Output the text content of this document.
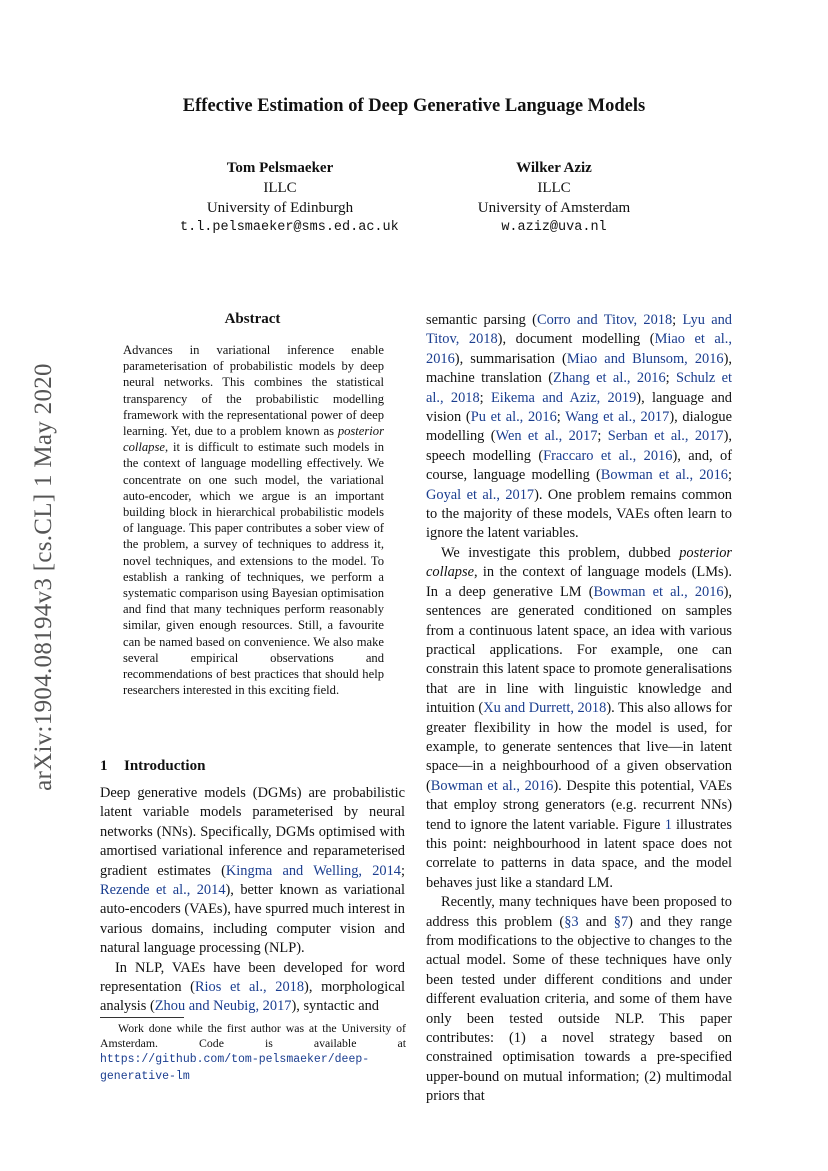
arXiv:1904.08194v3 [cs.CL] 1 May 2020
Effective Estimation of Deep Generative Language Models
Tom Pelsmaeker
ILLC
University of Edinburgh
t.l.pelsmaeker@sms.ed.ac.uk
Wilker Aziz
ILLC
University of Amsterdam
w.aziz@uva.nl
Abstract
Advances in variational inference enable parameterisation of probabilistic models by deep neural networks. This combines the statistical transparency of the probabilistic modelling framework with the representational power of deep learning. Yet, due to a problem known as posterior collapse, it is difficult to estimate such models in the context of language modelling effectively. We concentrate on one such model, the variational auto-encoder, which we argue is an important building block in hierarchical probabilistic models of language. This paper contributes a sober view of the problem, a survey of techniques to address it, novel techniques, and extensions to the model. To establish a ranking of techniques, we perform a systematic comparison using Bayesian optimisation and find that many techniques perform reasonably similar, given enough resources. Still, a favourite can be named based on convenience. We also make several empirical observations and recommendations of best practices that should help researchers interested in this exciting field.
1 Introduction

Deep generative models (DGMs) are probabilistic latent variable models parameterised by neural networks (NNs). Specifically, DGMs optimised with amortised variational inference and reparameterised gradient estimates (Kingma and Welling, 2014; Rezende et al., 2014), better known as variational auto-encoders (VAEs), have spurred much interest in various domains, including computer vision and natural language processing (NLP).

In NLP, VAEs have been developed for word representation (Rios et al., 2018), morphological analysis (Zhou and Neubig, 2017), syntactic and

Work done while the first author was at the University of Amsterdam. Code is available at https://github.com/tom-pelsmaeker/deep-generative-lm

semantic parsing (Corro and Titov, 2018; Lyu and Titov, 2018), document modelling (Miao et al., 2016), summarisation (Miao and Blunsom, 2016), machine translation (Zhang et al., 2016; Schulz et al., 2018; Eikema and Aziz, 2019), language and vision (Pu et al., 2016; Wang et al., 2017), dialogue modelling (Wen et al., 2017; Serban et al., 2017), speech modelling (Fraccaro et al., 2016), and, of course, language modelling (Bowman et al., 2016; Goyal et al., 2017). One problem remains common to the majority of these models, VAEs often learn to ignore the latent variables.

We investigate this problem, dubbed posterior collapse, in the context of language models (LMs). In a deep generative LM (Bowman et al., 2016), sentences are generated conditioned on samples from a continuous latent space, an idea with various practical applications. For example, one can constrain this latent space to promote generalisations that are in line with linguistic knowledge and intuition (Xu and Durrett, 2018). This also allows for greater flexibility in how the model is used, for example, to generate sentences that live—in latent space—in a neighbourhood of a given observation (Bowman et al., 2016). Despite this potential, VAEs that employ strong generators (e.g. recurrent NNs) tend to ignore the latent variable. Figure 1 illustrates this point: neighbourhood in latent space does not correlate to patterns in data space, and the model behaves just like a standard LM.

Recently, many techniques have been proposed to address this problem (§3 and §7) and they range from modifications to the objective to changes to the actual model. Some of these techniques have only been tested under different conditions and under different evaluation criteria, and some of them have only been tested outside NLP. This paper contributes: (1) a novel strategy based on constrained optimisation towards a pre-specified upper-bound on mutual information; (2) multimodal priors that
